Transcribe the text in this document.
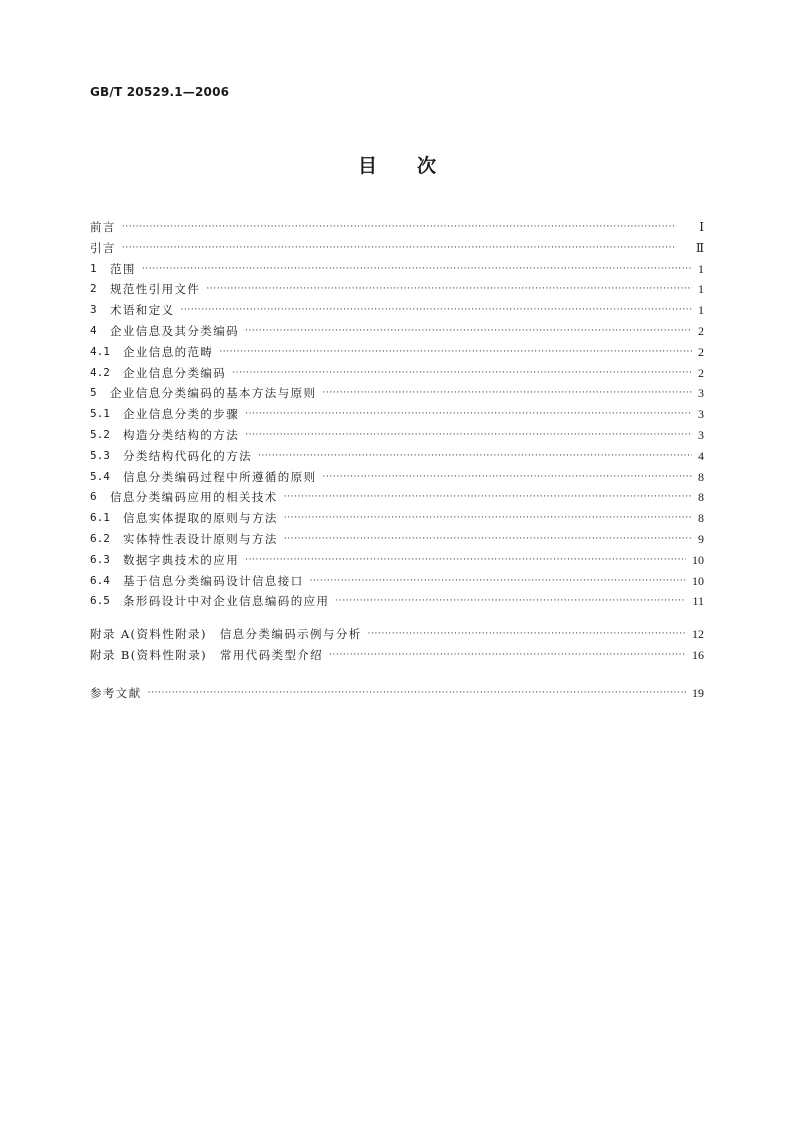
GB/T 20529.1—2006
目 次
前言 ·····	Ⅰ
引言 ·····	Ⅱ
1	范围 ·····	1
2	规范性引用文件 ·····	1
3	术语和定义 ·····	1
4	企业信息及其分类编码 ·····	2
4.1	企业信息的范畴 ·····	2
4.2	企业信息分类编码 ·····	2
5	企业信息分类编码的基本方法与原则 ·····	3
5.1	企业信息分类的步骤 ·····	3
5.2	构造分类结构的方法 ·····	3
5.3	分类结构代码化的方法 ·····	4
5.4	信息分类编码过程中所遵循的原则 ·····	8
6	信息分类编码应用的相关技术 ·····	8
6.1	信息实体提取的原则与方法 ·····	8
6.2	实体特性表设计原则与方法 ·····	9
6.3	数据字典技术的应用 ·····	10
6.4	基于信息分类编码设计信息接口 ·····	10
6.5	条形码设计中对企业信息编码的应用 ·····	11
附录 A(资料性附录)　信息分类编码示例与分析 ·····	12
附录 B(资料性附录)　常用代码类型介绍 ·····	16
参考文献 ·····	19
